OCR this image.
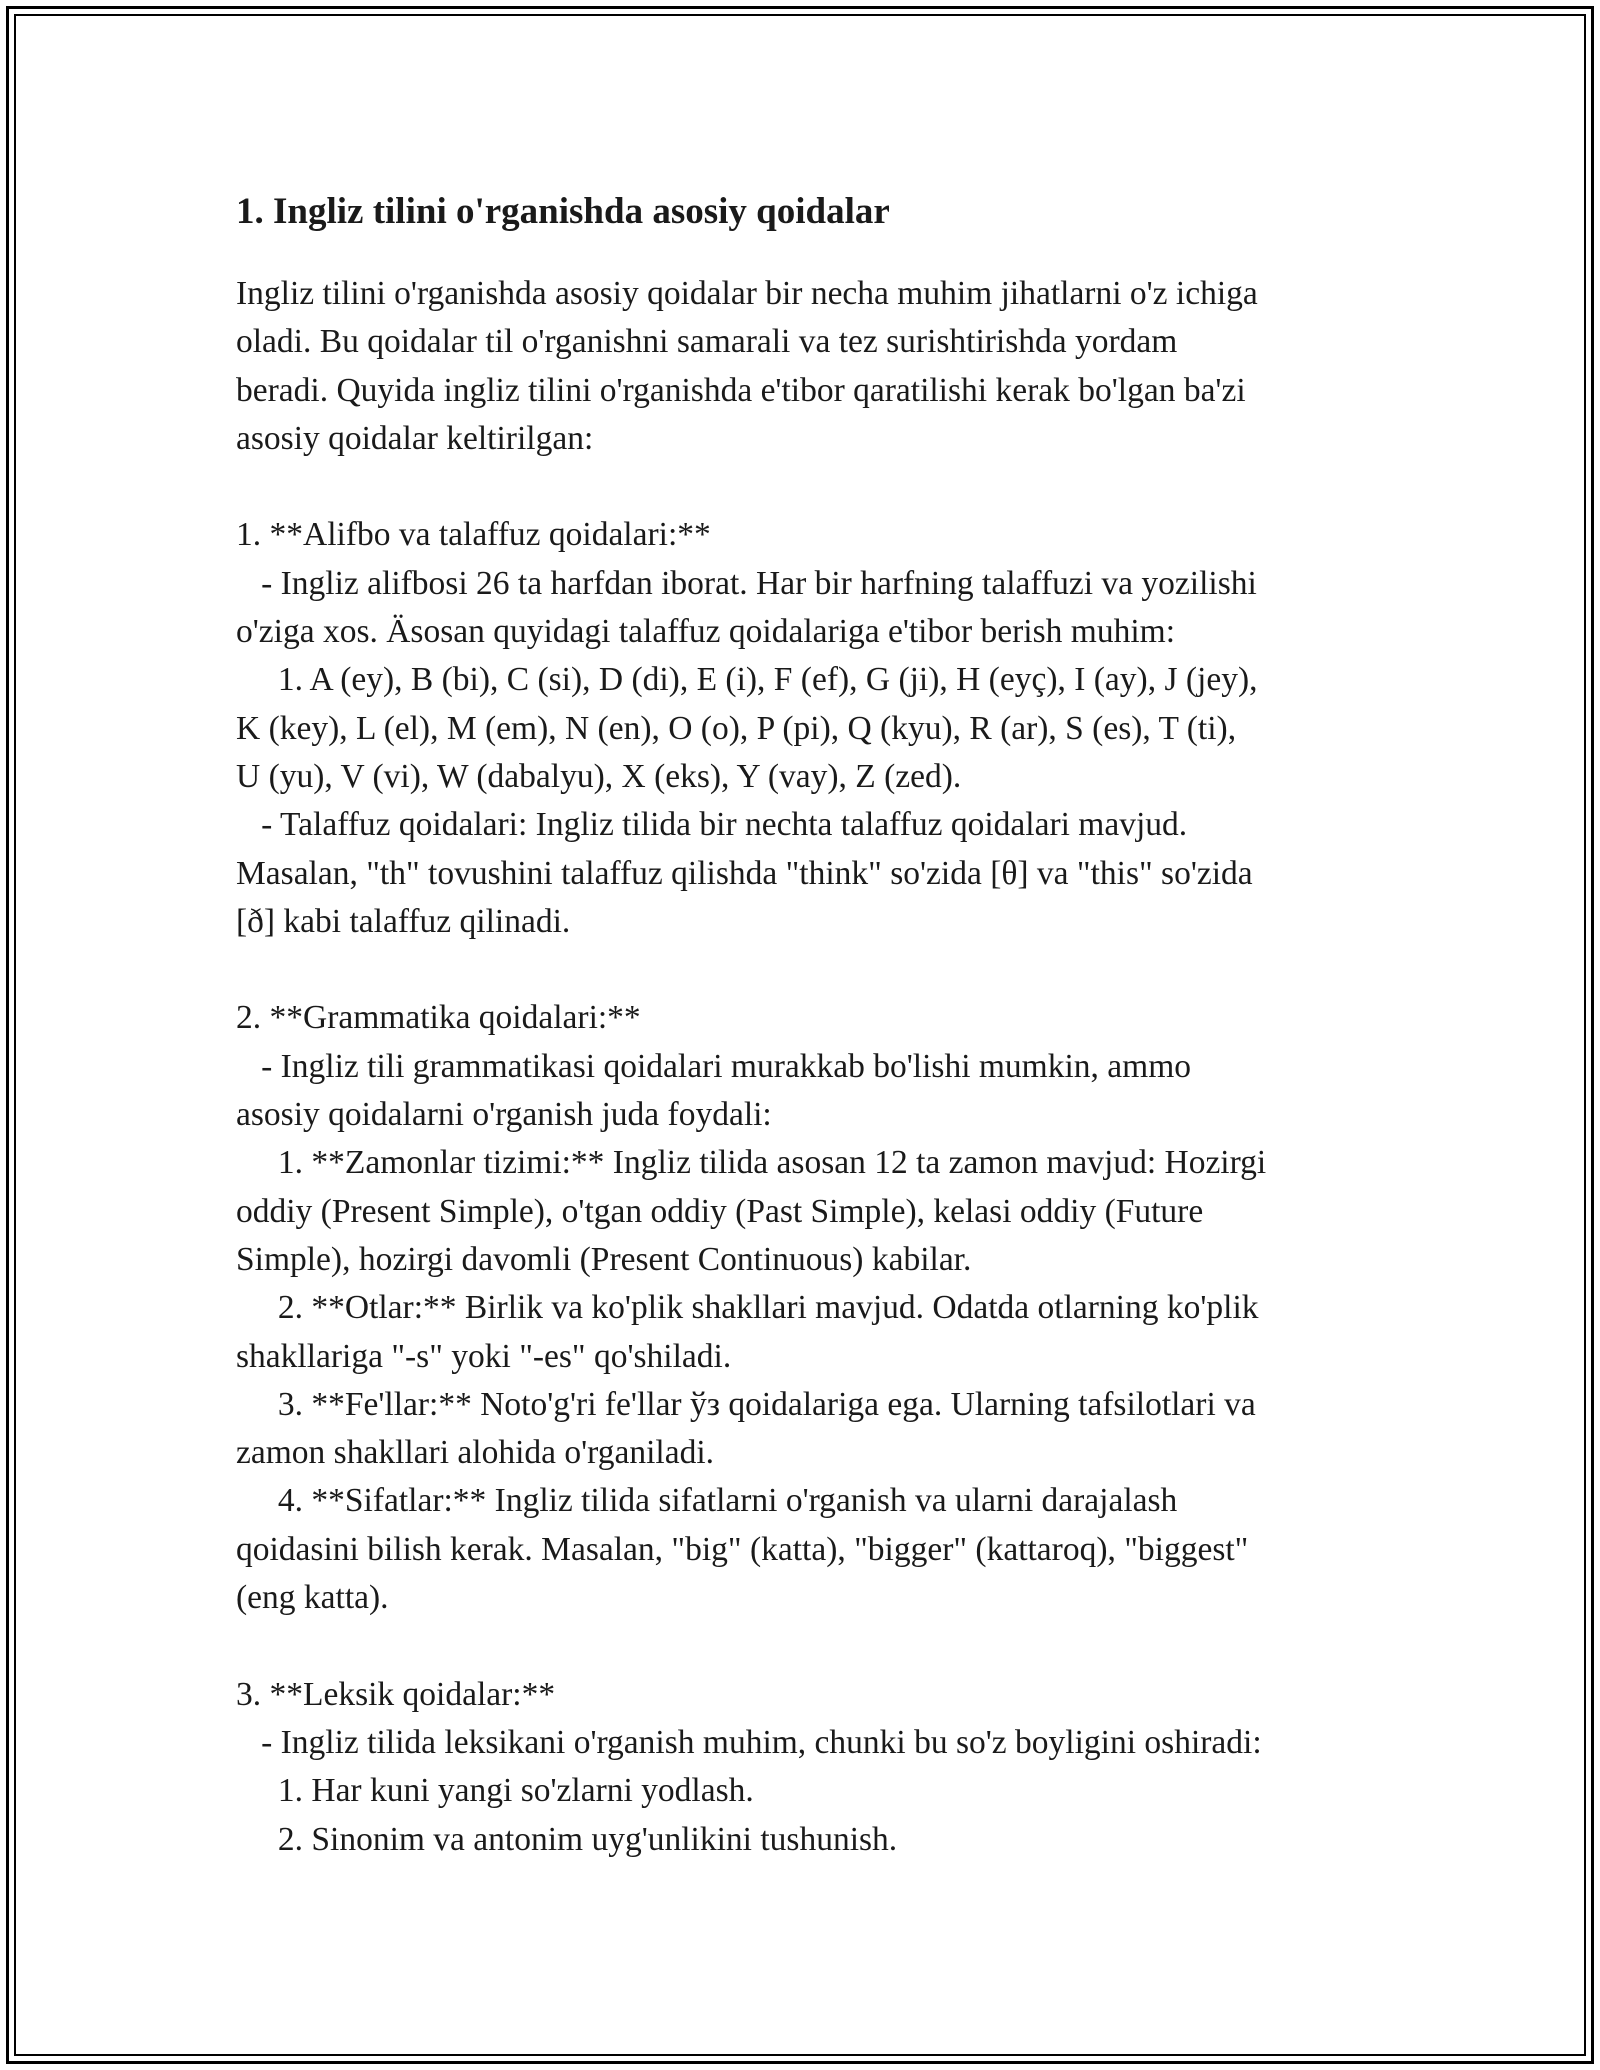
1. Ingliz tilini o'rganishda asosiy qoidalar
Ingliz tilini o'rganishda asosiy qoidalar bir necha muhim jihatlarni o'z ichiga
oladi. Bu qoidalar til o'rganishni samarali va tez surishtirishda yordam
beradi. Quyida ingliz tilini o'rganishda e'tibor qaratilishi kerak bo'lgan ba'zi
asosiy qoidalar keltirilgan:
1. **Alifbo va talaffuz qoidalari:**
- Ingliz alifbosi 26 ta harfdan iborat. Har bir harfning talaffuzi va yozilishi
o'ziga xos. Äsosan quyidagi talaffuz qoidalariga e'tibor berish muhim:
1. A (ey), B (bi), C (si), D (di), E (i), F (ef), G (ji), H (eyç), I (ay), J (jey),
K (key), L (el), M (em), N (en), O (o), P (pi), Q (kyu), R (ar), S (es), T (ti),
U (yu), V (vi), W (dabalyu), X (eks), Y (vay), Z (zed).
- Talaffuz qoidalari: Ingliz tilida bir nechta talaffuz qoidalari mavjud.
Masalan, "th" tovushini talaffuz qilishda "think" so'zida [θ] va "this" so'zida
[ð] kabi talaffuz qilinadi.
2. **Grammatika qoidalari:**
- Ingliz tili grammatikasi qoidalari murakkab bo'lishi mumkin, ammo
asosiy qoidalarni o'rganish juda foydali:
1. **Zamonlar tizimi:** Ingliz tilida asosan 12 ta zamon mavjud: Hozirgi
oddiy (Present Simple), o'tgan oddiy (Past Simple), kelasi oddiy (Future
Simple), hozirgi davomli (Present Continuous) kabilar.
2. **Otlar:** Birlik va ko'plik shakllari mavjud. Odatda otlarning ko'plik
shakllariga "-s" yoki "-es" qo'shiladi.
3. **Fe'llar:** Noto'g'ri fe'llar ўз qoidalariga ega. Ularning tafsilotlari va
zamon shakllari alohida o'rganiladi.
4. **Sifatlar:** Ingliz tilida sifatlarni o'rganish va ularni darajalash
qoidasini bilish kerak. Masalan, "big" (katta), "bigger" (kattaroq), "biggest"
(eng katta).
3. **Leksik qoidalar:**
- Ingliz tilida leksikani o'rganish muhim, chunki bu so'z boyligini oshiradi:
1. Har kuni yangi so'zlarni yodlash.
2. Sinonim va antonim uyg'unlikini tushunish.
